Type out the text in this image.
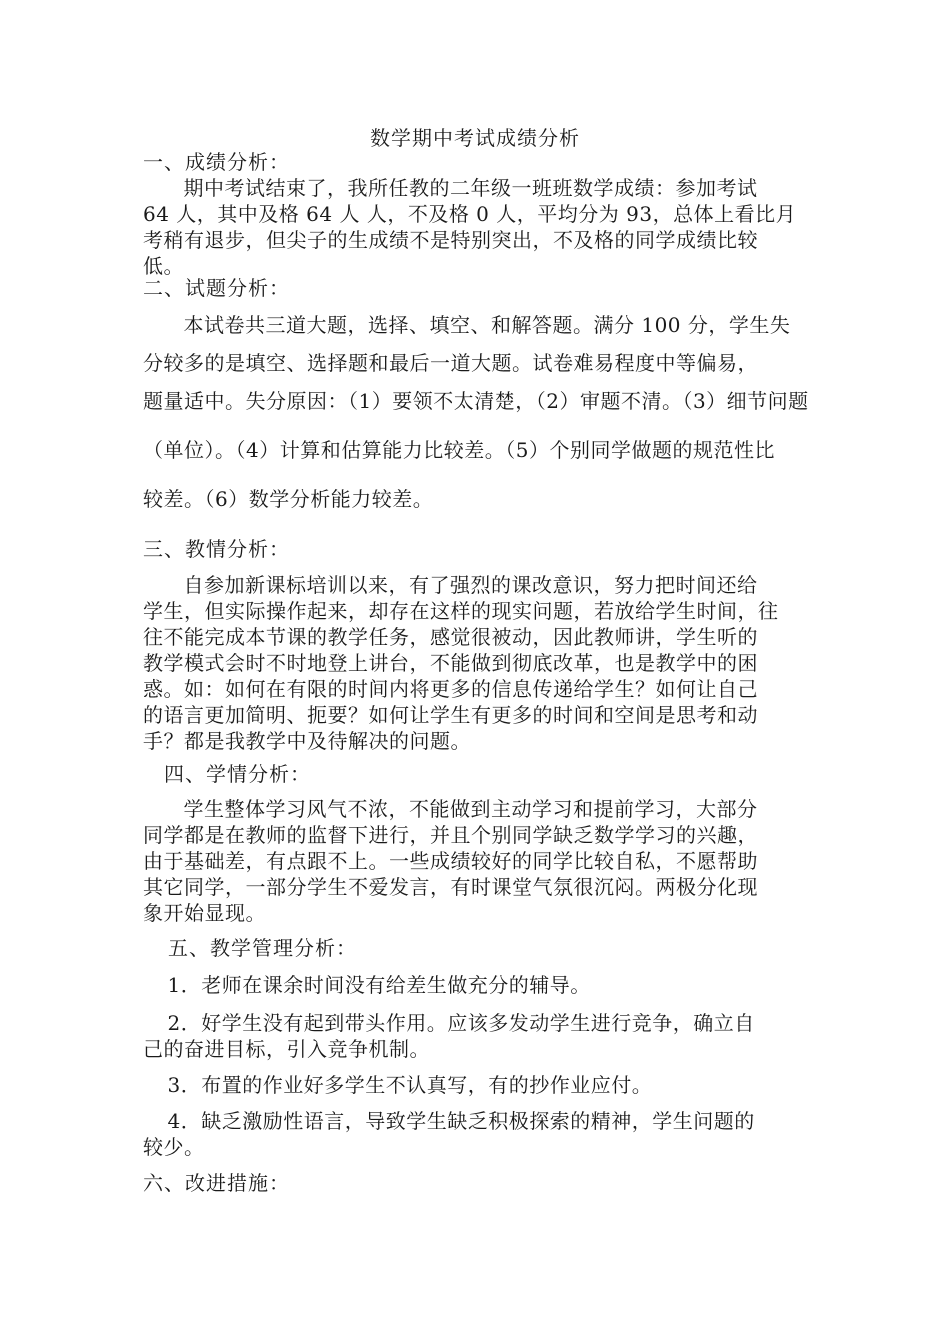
数学期中考试成绩分析
一、成绩分析：
　期中考试结束了，我所任教的二年级一班班数学成绩：参加考试
64 人，其中及格 64 人 人，不及格 0 人，平均分为 93，总体上看比月
考稍有退步，但尖子的生成绩不是特别突出，不及格的同学成绩比较
低。
二、试题分析：
　本试卷共三道大题，选择、填空、和解答题。满分 100 分，学生失
分较多的是填空、选择题和最后一道大题。试卷难易程度中等偏易，
题量适中。失分原因：（1）要领不太清楚，（2）审题不清。（3）细节问题
（单位）。（4）计算和估算能力比较差。（5）个别同学做题的规范性比
较差。（6）数学分析能力较差。
三、教情分析：
　自参加新课标培训以来，有了强烈的课改意识，努力把时间还给
学生，但实际操作起来，却存在这样的现实问题，若放给学生时间，往
往不能完成本节课的教学任务，感觉很被动，因此教师讲，学生听的
教学模式会时不时地登上讲台，不能做到彻底改革，也是教学中的困
惑。如：如何在有限的时间内将更多的信息传递给学生？如何让自己
的语言更加简明、扼要？如何让学生有更多的时间和空间是思考和动
手？都是我教学中及待解决的问题。
　四、学情分析：
　学生整体学习风气不浓，不能做到主动学习和提前学习，大部分
同学都是在教师的监督下进行，并且个别同学缺乏数学学习的兴趣，
由于基础差，有点跟不上。一些成绩较好的同学比较自私，不愿帮助
其它同学，一部分学生不爱发言，有时课堂气氛很沉闷。两极分化现
象开始显现。
　五、教学管理分析：
　1．老师在课余时间没有给差生做充分的辅导。
　2．好学生没有起到带头作用。应该多发动学生进行竞争，确立自
己的奋进目标，引入竞争机制。
　3．布置的作业好多学生不认真写，有的抄作业应付。
　4．缺乏激励性语言，导致学生缺乏积极探索的精神，学生问题的
较少。
六、改进措施：
